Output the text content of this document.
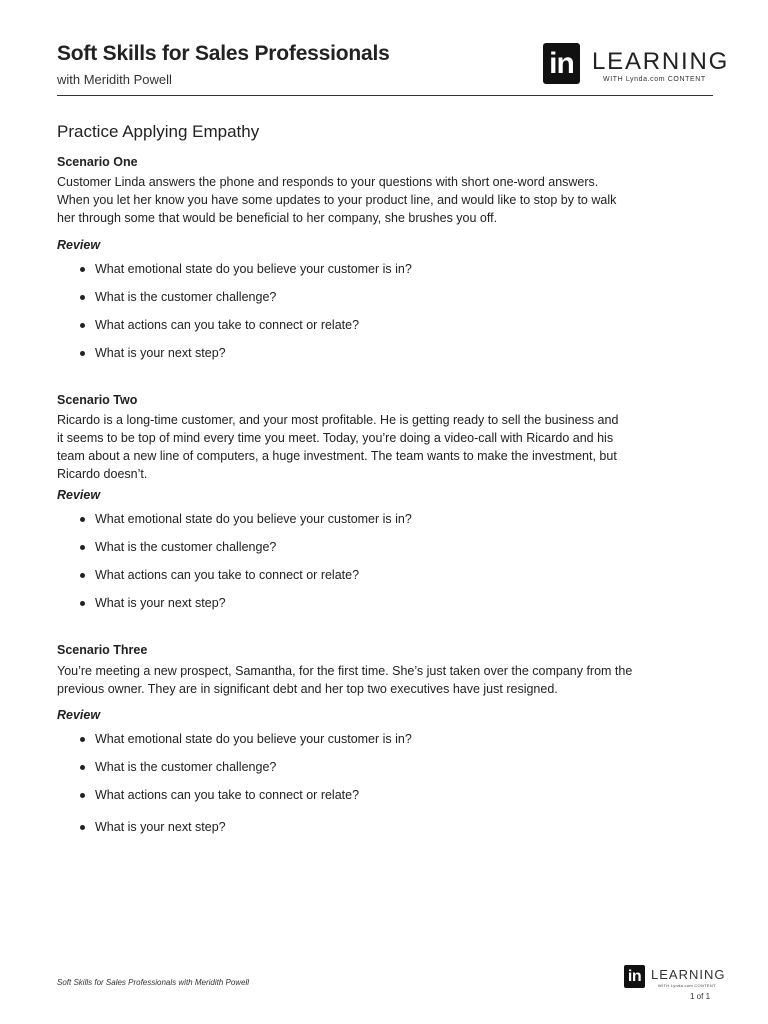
Soft Skills for Sales Professionals
with Meridith Powell	in LEARNING
WITH Lynda.com CONTENT
Practice Applying Empathy
Scenario One
Customer Linda answers the phone and responds to your questions with short one-word answers.
When you let her know you have some updates to your product line, and would like to stop by to walk
her through some that would be beneficial to her company, she brushes you off.
Review
What emotional state do you believe your customer is in?
What is the customer challenge?
What actions can you take to connect or relate?
What is your next step?
Scenario Two
Ricardo is a long-time customer, and your most profitable. He is getting ready to sell the business and
it seems to be top of mind every time you meet. Today, you’re doing a video-call with Ricardo and his
team about a new line of computers, a huge investment. The team wants to make the investment, but
Ricardo doesn’t.
Review
What emotional state do you believe your customer is in?
What is the customer challenge?
What actions can you take to connect or relate?
What is your next step?
Scenario Three
You’re meeting a new prospect, Samantha, for the first time. She’s just taken over the company from the
previous owner. They are in significant debt and her top two executives have just resigned.
Review
What emotional state do you believe your customer is in?
What is the customer challenge?
What actions can you take to connect or relate?
What is your next step?
Soft Skills for Sales Professionals with Meridith Powell	in LEARNING
WITH Lynda.com CONTENT
1 of 1
